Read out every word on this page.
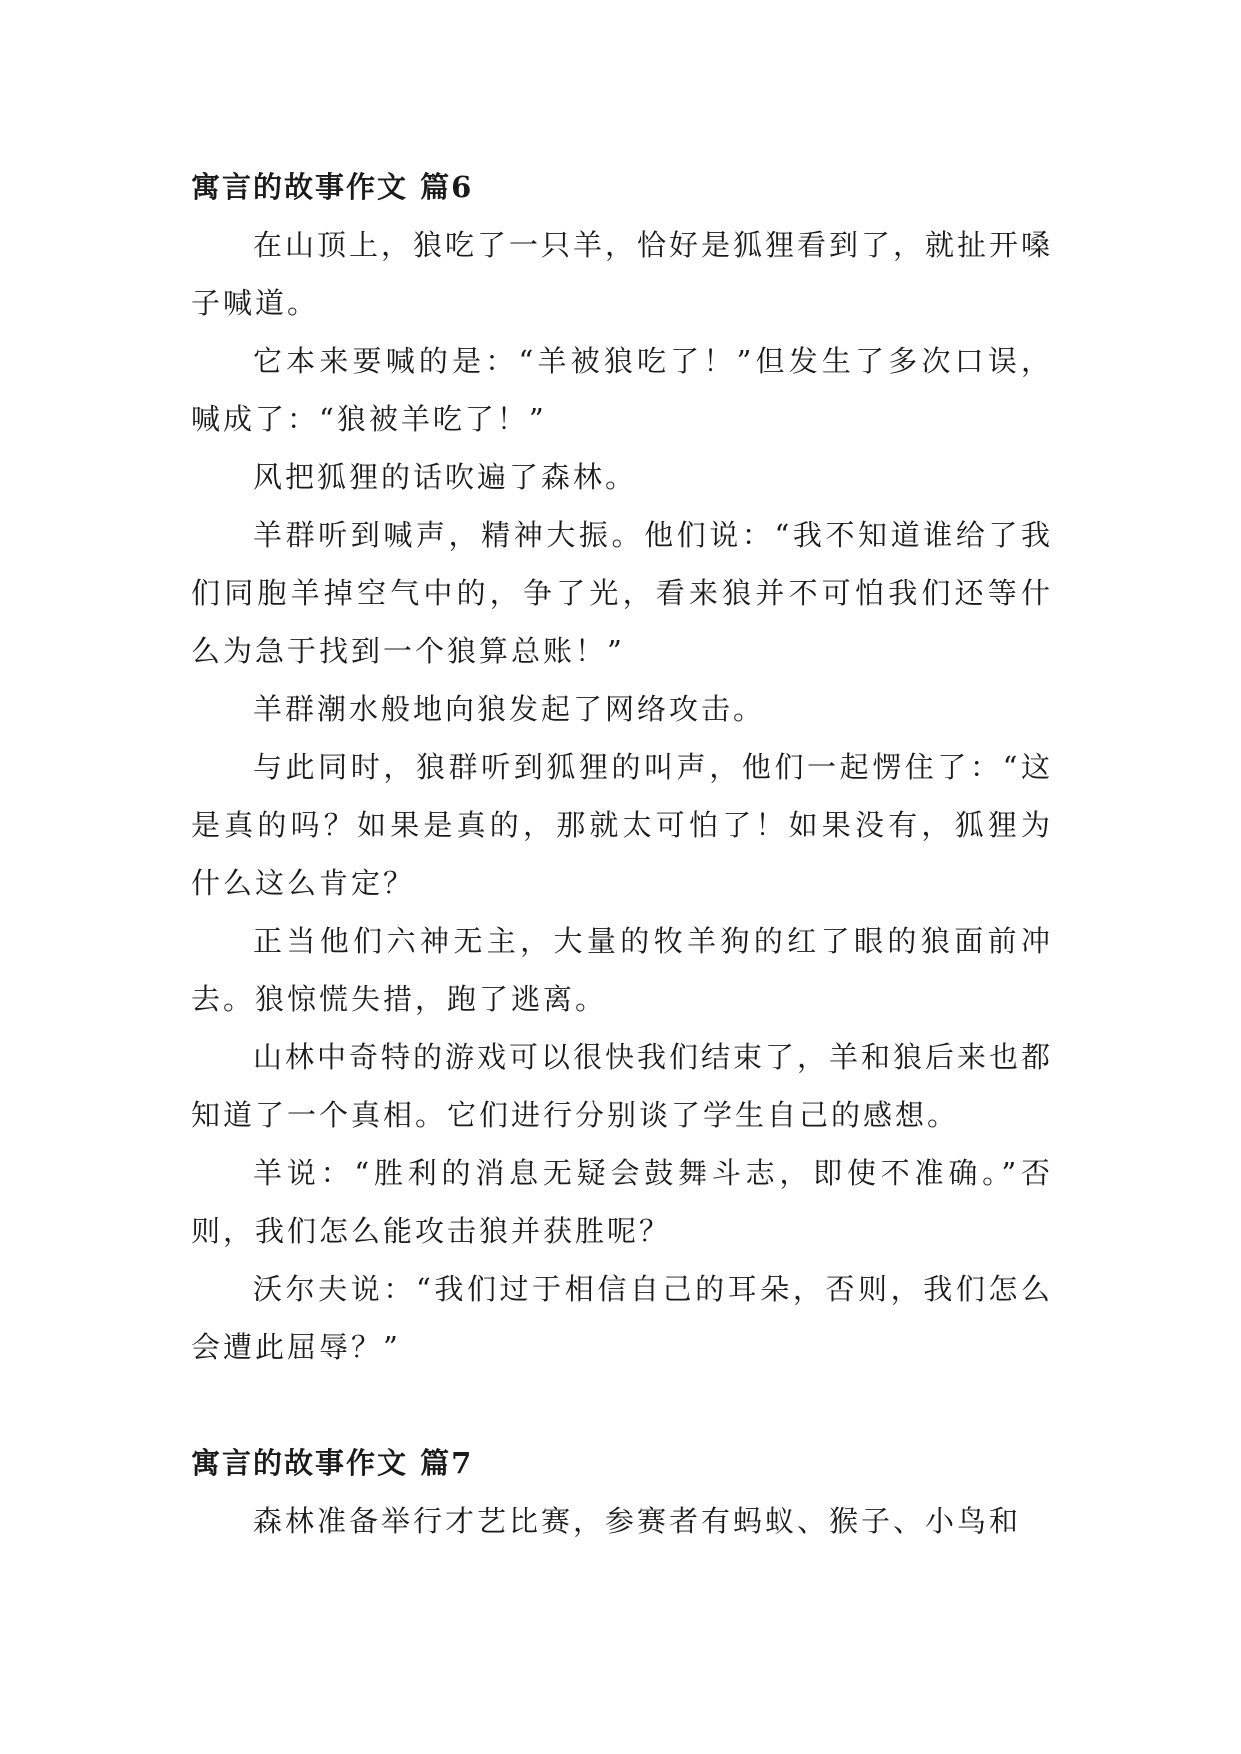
寓言的故事作文 篇6

在山顶上，狼吃了一只羊，恰好是狐狸看到了，就扯开嗓子喊道。

它本来要喊的是：“羊被狼吃了！”但发生了多次口误，喊成了：“狼被羊吃了！”

风把狐狸的话吹遍了森林。

羊群听到喊声，精神大振。他们说：“我不知道谁给了我们同胞羊掉空气中的，争了光，看来狼并不可怕我们还等什么为急于找到一个狼算总账！”

羊群潮水般地向狼发起了网络攻击。

与此同时，狼群听到狐狸的叫声，他们一起愣住了：“这是真的吗？如果是真的，那就太可怕了！如果没有，狐狸为什么这么肯定？

正当他们六神无主，大量的牧羊狗的红了眼的狼面前冲去。狼惊慌失措，跑了逃离。

山林中奇特的游戏可以很快我们结束了，羊和狼后来也都知道了一个真相。它们进行分别谈了学生自己的感想。

羊说：“胜利的消息无疑会鼓舞斗志，即使不准确。”否则，我们怎么能攻击狼并获胜呢？

沃尔夫说：“我们过于相信自己的耳朵，否则，我们怎么会遭此屈辱？”

寓言的故事作文 篇7

森林准备举行才艺比赛，参赛者有蚂蚁、猴子、小鸟和
